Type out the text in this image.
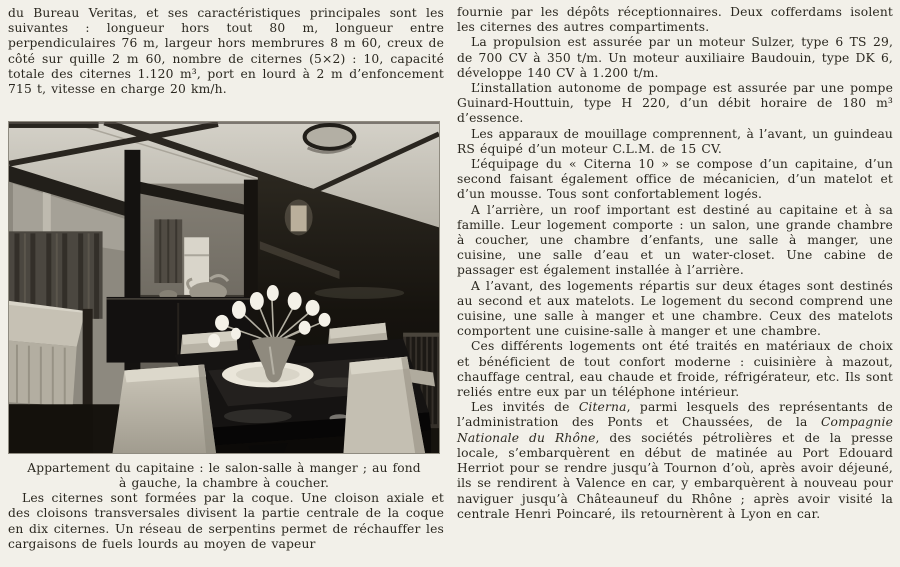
du Bureau Veritas, et ses caractéristiques principales sont les suivantes : longueur hors tout 80 m, longueur entre perpendiculaires 76 m, largeur hors membrures 8 m 60, creux de côté sur quille 2 m 60, nombre de citernes (5×2) : 10, capacité totale des citernes 1.120 m³, port en lourd à 2 m d’enfoncement 715 t, vitesse en charge 20 km/h.

Appartement du capitaine : le salon-salle à manger ; au fond
à gauche, la chambre à coucher.

Les citernes sont formées par la coque. Une cloison axiale et des cloisons transversales divisent la partie centrale de la coque en dix citernes. Un réseau de serpentins permet de réchauffer les cargaisons de fuels lourds au moyen de vapeur

fournie par les dépôts réceptionnaires. Deux cofferdams isolent les citernes des autres compartiments.

La propulsion est assurée par un moteur Sulzer, type 6 TS 29, de 700 CV à 350 t/m. Un moteur auxiliaire Baudouin, type DK 6, développe 140 CV à 1.200 t/m.

L’installation autonome de pompage est assurée par une pompe Guinard-Houttuin, type H 220, d’un débit horaire de 180 m³ d’essence.

Les apparaux de mouillage comprennent, à l’avant, un guindeau RS équipé d’un moteur C.L.M. de 15 CV.

L’équipage du « Citerna 10 » se compose d’un capitaine, d’un second faisant également office de mécanicien, d’un matelot et d’un mousse. Tous sont confortablement logés.

A l’arrière, un roof important est destiné au capitaine et à sa famille. Leur logement comporte : un salon, une grande chambre à coucher, une chambre d’enfants, une salle à manger, une cuisine, une salle d’eau et un water-closet. Une cabine de passager est également installée à l’arrière.

A l’avant, des logements répartis sur deux étages sont destinés au second et aux matelots. Le logement du second comprend une cuisine, une salle à manger et une chambre. Ceux des matelots comportent une cuisine-salle à manger et une chambre.

Ces différents logements ont été traités en matériaux de choix et bénéficient de tout confort moderne : cuisinière à mazout, chauffage central, eau chaude et froide, réfrigérateur, etc. Ils sont reliés entre eux par un téléphone intérieur.

Les invités de Citerna, parmi lesquels des représentants de l’administration des Ponts et Chaussées, de la Compagnie Nationale du Rhône, des sociétés pétrolières et de la presse locale, s’embarquèrent en début de matinée au Port Edouard Herriot pour se rendre jusqu’à Tournon d’où, après avoir déjeuné, ils se rendirent à Valence en car, y embarquèrent à nouveau pour naviguer jusqu’à Châteauneuf du Rhône ; après avoir visité la centrale Henri Poincaré, ils retournèrent à Lyon en car.
